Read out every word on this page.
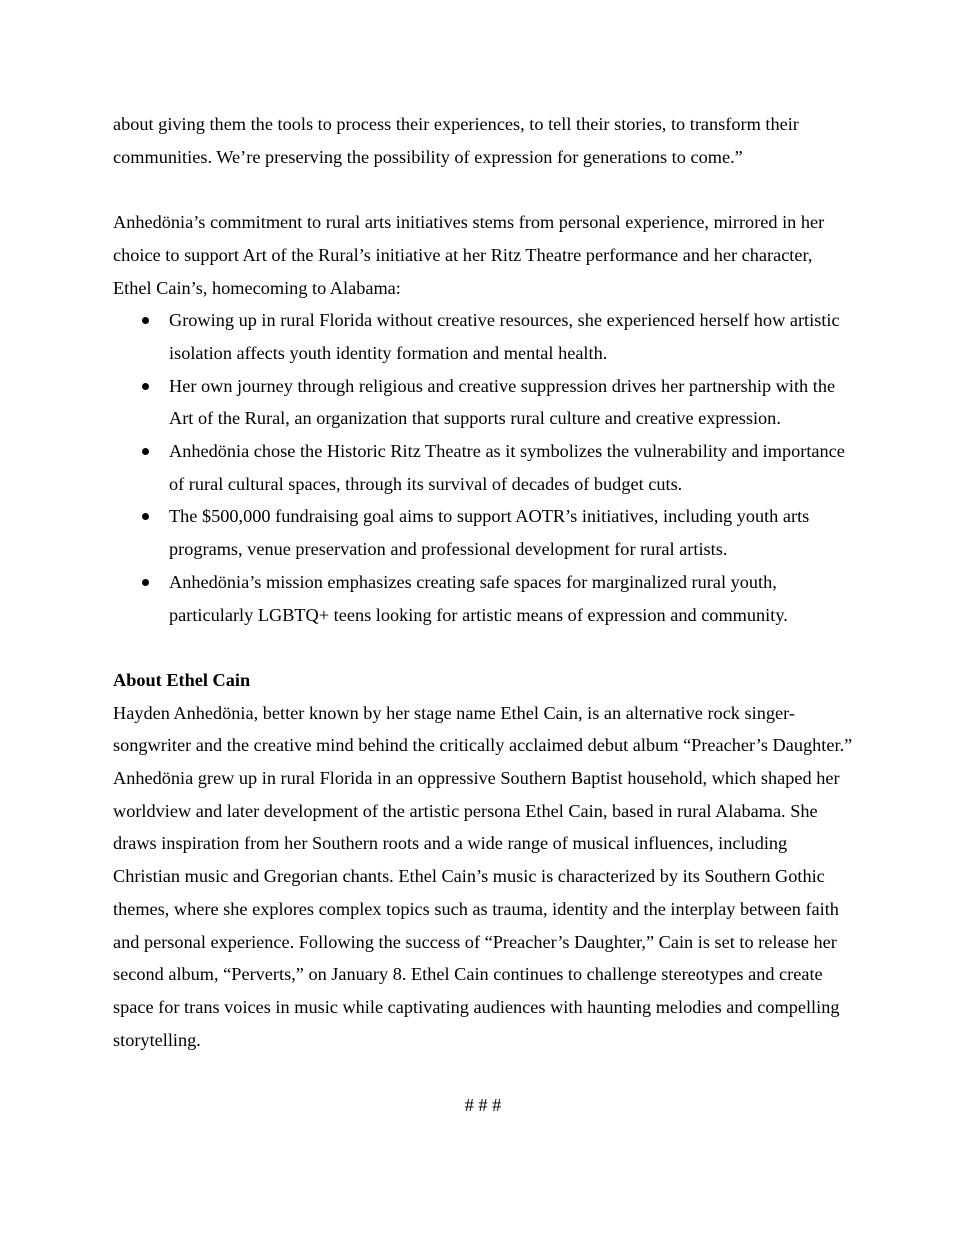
about giving them the tools to process their experiences, to tell their stories, to transform their communities. We’re preserving the possibility of expression for generations to come.”

Anhedönia’s commitment to rural arts initiatives stems from personal experience, mirrored in her choice to support Art of the Rural’s initiative at her Ritz Theatre performance and her character, Ethel Cain’s, homecoming to Alabama:

Growing up in rural Florida without creative resources, she experienced herself how artistic isolation affects youth identity formation and mental health.
Her own journey through religious and creative suppression drives her partnership with the Art of the Rural, an organization that supports rural culture and creative expression.
Anhedönia chose the Historic Ritz Theatre as it symbolizes the vulnerability and importance of rural cultural spaces, through its survival of decades of budget cuts.
The $500,000 fundraising goal aims to support AOTR’s initiatives, including youth arts programs, venue preservation and professional development for rural artists.
Anhedönia’s mission emphasizes creating safe spaces for marginalized rural youth, particularly LGBTQ+ teens looking for artistic means of expression and community.

About Ethel Cain

Hayden Anhedönia, better known by her stage name Ethel Cain, is an alternative rock singer-songwriter and the creative mind behind the critically acclaimed debut album “Preacher’s Daughter.” Anhedönia grew up in rural Florida in an oppressive Southern Baptist household, which shaped her worldview and later development of the artistic persona Ethel Cain, based in rural Alabama. She draws inspiration from her Southern roots and a wide range of musical influences, including Christian music and Gregorian chants. Ethel Cain’s music is characterized by its Southern Gothic themes, where she explores complex topics such as trauma, identity and the interplay between faith and personal experience. Following the success of “Preacher’s Daughter,” Cain is set to release her second album, “Perverts,” on January 8. Ethel Cain continues to challenge stereotypes and create space for trans voices in music while captivating audiences with haunting melodies and compelling storytelling.

# # #
